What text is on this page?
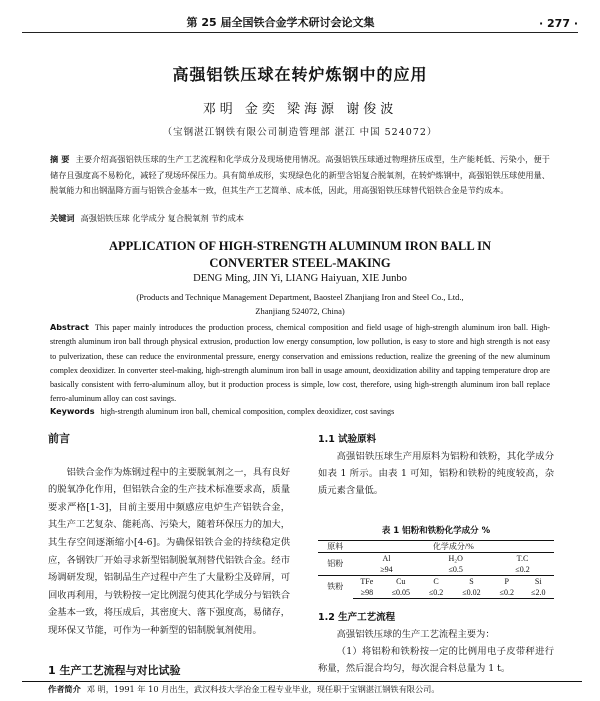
第 25 届全国铁合金学术研讨会论文集	· 277 ·
高强铝铁压球在转炉炼钢中的应用
邓明 金奕 梁海源 谢俊波
（宝钢湛江钢铁有限公司制造管理部 湛江 中国 524072）
摘 要 主要介绍高强铝铁压球的生产工艺流程和化学成分及现场使用情况。高强铝铁压球通过物理挤压成型，生产能耗低、污染小，便于储存且强度高不易粉化，减轻了现场环保压力。具有简单成形，实现绿色化的新型含铝复合脱氧剂，在转炉炼钢中，高强铝铁压球使用量、脱氧能力和出钢温降方面与铝铁合金基本一致，但其生产工艺简单、成本低，因此，用高强铝铁压球替代铝铁合金是节约成本。
关键词 高强铝铁压球 化学成分 复合脱氧剂 节约成本
APPLICATION OF HIGH-STRENGTH ALUMINUM IRON BALL IN
CONVERTER STEEL-MAKING
DENG Ming, JIN Yi, LIANG Haiyuan, XIE Junbo
(Products and Technique Management Department, Baosteel Zhanjiang Iron and Steel Co., Ltd.,
Zhanjiang 524072, China)
Abstract This paper mainly introduces the production process, chemical composition and field usage of high-strength aluminum iron ball. High-strength aluminum iron ball through physical extrusion, production low energy consumption, low pollution, is easy to store and high strength is not easy to pulverization, these can reduce the environmental pressure, energy conservation and emissions reduction, realize the greening of the new aluminum complex deoxidizer. In converter steel-making, high-strength aluminum iron ball in usage amount, deoxidization ability and tapping temperature drop are basically consistent with ferro-aluminum alloy, but it production process is simple, low cost, therefore, using high-strength aluminum iron ball replace ferro-aluminum alloy can cost savings.
Keywords high-strength aluminum iron ball, chemical composition, complex deoxidizer, cost savings
前言
铝铁合金作为炼钢过程中的主要脱氧剂之一，具有良好的脱氧净化作用，但铝铁合金的生产技术标准要求高，质量要求严格[1-3]，目前主要用中频感应电炉生产铝铁合金，其生产工艺复杂、能耗高、污染大，随着环保压力的加大，其生存空间逐渐缩小[4-6]。为确保铝铁合金的持续稳定供应，各钢铁厂开始寻求新型铝制脱氧剂替代铝铁合金。经市场调研发现，铝制品生产过程中产生了大量粉尘及碎屑，可回收再利用，与铁粉按一定比例混匀使其化学成分与铝铁合金基本一致，将压成后，其密度大、落下强度高，易储存，现环保又节能，可作为一种新型的铝制脱氧剂使用。
1 生产工艺流程与对比试验
1.1 试验原料
高强铝铁压球生产用原料为铝粉和铁粉，其化学成分如表 1 所示。由表 1 可知，铝粉和铁粉的纯度较高，杂质元素含量低。
表 1 铝粉和铁粉化学成分 %
原料	化学成分/%					
铝粉	Al		H₂O		T.C	
	≥94		≤0.5		≤0.2	
铁粉	TFe	Cu	C	S	P	Si
	≥98	≤0.05	≤0.2	≤0.02	≤0.2	≤2.0
1.2 生产工艺流程
高强铝铁压球的生产工艺流程主要为：
（1）将铝粉和铁粉按一定的比例用电子皮带秤进行称量，然后混合均匀，每次混合料总量为 1 t。
作者简介 邓 明，1991 年 10 月出生，武汉科技大学冶金工程专业毕业，现任职于宝钢湛江钢铁有限公司。
